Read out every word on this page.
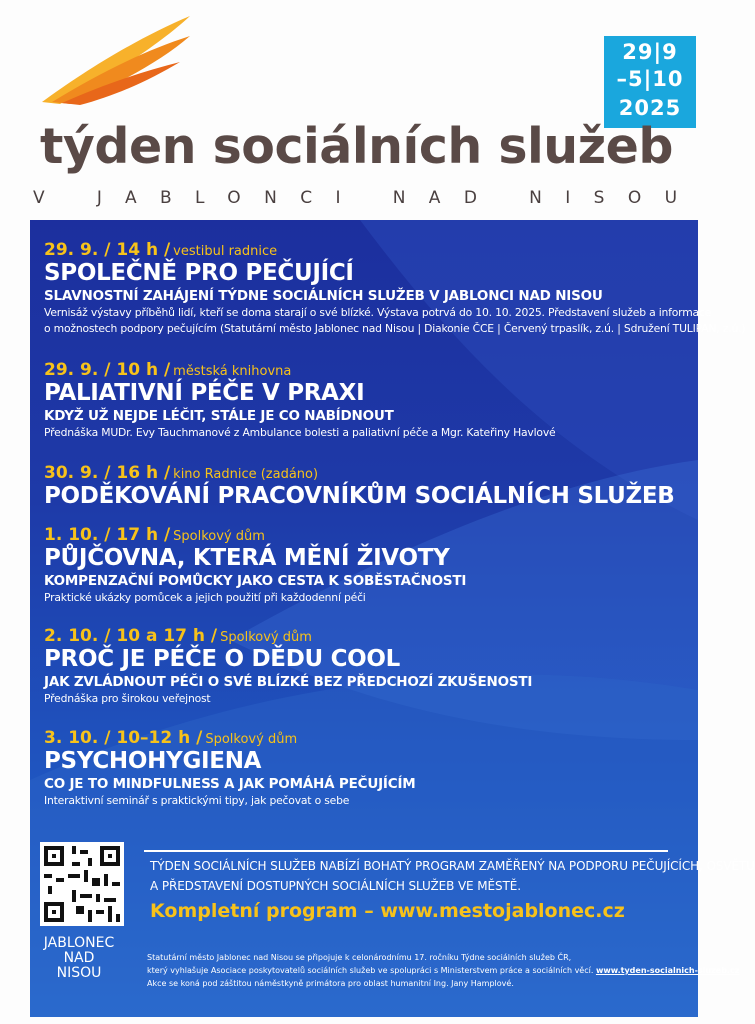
29|9
–5|10
2025
týden sociálních služeb
V JABLONCI NAD NISOU
29. 9. / 14 h / vestibul radnice
SPOLEČNĚ PRO PEČUJÍCÍ
SLAVNOSTNÍ ZAHÁJENÍ TÝDNE SOCIÁLNÍCH SLUŽEB V JABLONCI NAD NISOU
Vernisáž výstavy příběhů lidí, kteří se doma starají o své blízké. Výstava potrvá do 10. 10. 2025. Představení služeb a informace
o možnostech podpory pečujícím (Statutární město Jablonec nad Nisou | Diakonie ČCE | Červený trpaslík, z.ú. | Sdružení TULIPAN, z.ú.)
29. 9. / 10 h / městská knihovna
PALIATIVNÍ PÉČE V PRAXI
KDYŽ UŽ NEJDE LÉČIT, STÁLE JE CO NABÍDNOUT
Přednáška MUDr. Evy Tauchmanové z Ambulance bolesti a paliativní péče a Mgr. Kateřiny Havlové
30. 9. / 16 h / kino Radnice (zadáno)
PODĚKOVÁNÍ PRACOVNÍKŮM SOCIÁLNÍCH SLUŽEB
1. 10. / 17 h / Spolkový dům
PŮJČOVNA, KTERÁ MĚNÍ ŽIVOTY
KOMPENZAČNÍ POMŮCKY JAKO CESTA K SOBĚSTAČNOSTI
Praktické ukázky pomůcek a jejich použití při každodenní péči
2. 10. / 10 a 17 h / Spolkový dům
PROČ JE PÉČE O DĚDU COOL
JAK ZVLÁDNOUT PÉČI O SVÉ BLÍZKÉ BEZ PŘEDCHOZÍ ZKUŠENOSTI
Přednáška pro širokou veřejnost
3. 10. / 10–12 h / Spolkový dům
PSYCHOHYGIENA
CO JE TO MINDFULNESS A JAK POMÁHÁ PEČUJÍCÍM
Interaktivní seminář s praktickými tipy, jak pečovat o sebe
TÝDEN SOCIÁLNÍCH SLUŽEB NABÍZÍ BOHATÝ PROGRAM ZAMĚŘENÝ NA PODPORU PEČUJÍCÍCH, OSVĚTU
A PŘEDSTAVENÍ DOSTUPNÝCH SOCIÁLNÍCH SLUŽEB VE MĚSTĚ.
Kompletní program – www.mestojablonec.cz
JABLONEC
NAD
NISOU
Statutární město Jablonec nad Nisou se připojuje k celonárodnímu 17. ročníku Týdne sociálních služeb ČR,
který vyhlašuje Asociace poskytovatelů sociálních služeb ve spolupráci s Ministerstvem práce a sociálních věcí. www.tyden-socialnich-sluzeb.cz
Akce se koná pod záštitou náměstkyně primátora pro oblast humanitní Ing. Jany Hamplové.
